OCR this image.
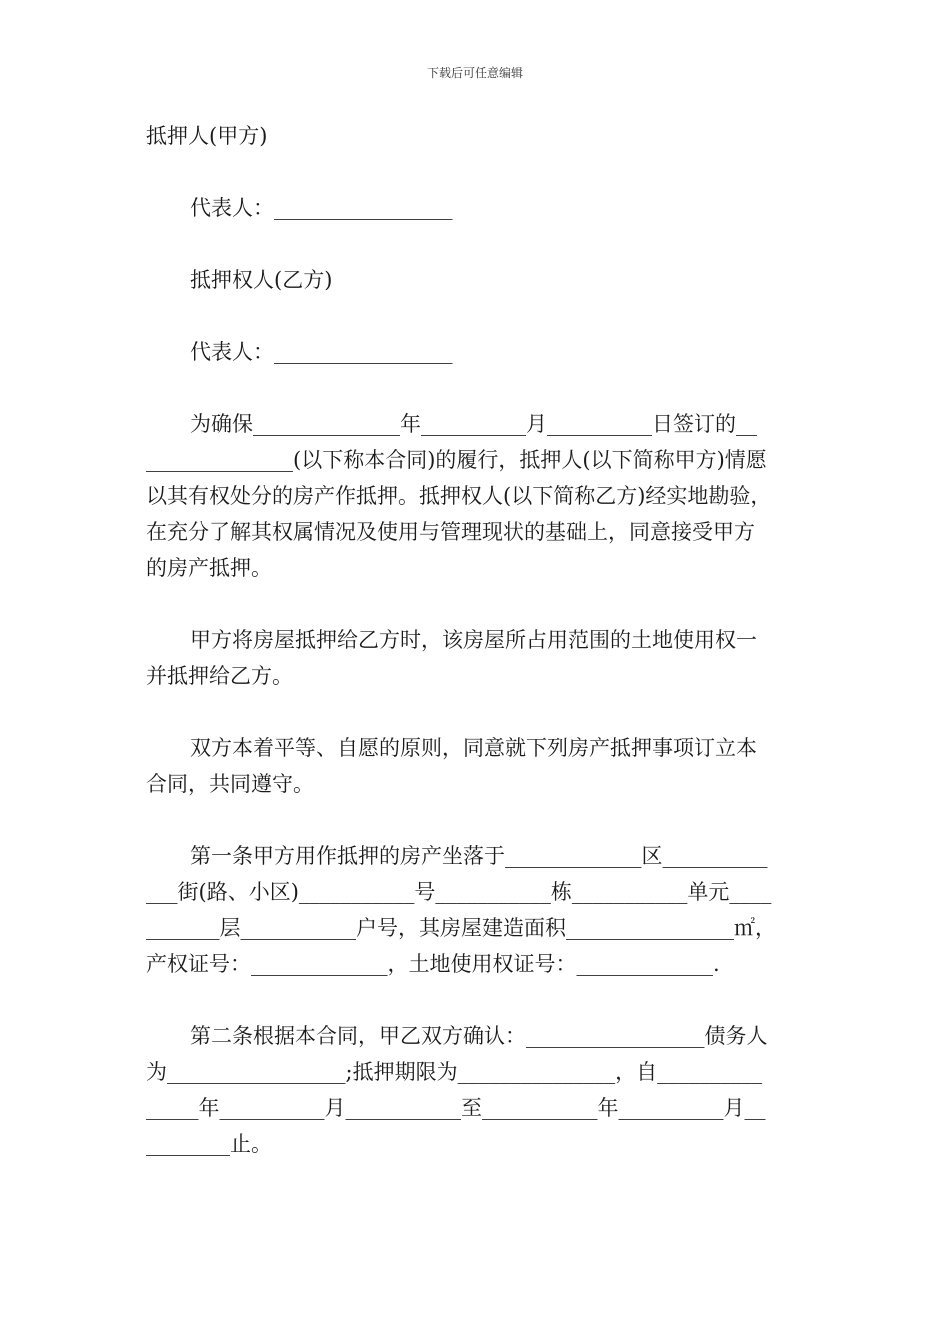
下载后可任意编辑
抵押人(甲方)
代表人：_________________
抵押权人(乙方)
代表人：_________________
为确保______________年__________月__________日签订的__
______________(以下称本合同)的履行，抵押人(以下简称甲方)情愿
以其有权处分的房产作抵押。抵押权人(以下简称乙方)经实地勘验，
在充分了解其权属情况及使用与管理现状的基础上，同意接受甲方
的房产抵押。
甲方将房屋抵押给乙方时，该房屋所占用范围的土地使用权一
并抵押给乙方。
双方本着平等、自愿的原则，同意就下列房产抵押事项订立本
合同，共同遵守。
第一条甲方用作抵押的房产坐落于_____________区__________
___街(路、小区)___________号___________栋___________单元____
_______层___________户号，其房屋建造面积________________㎡，
产权证号：_____________，土地使用权证号：_____________.
第二条根据本合同，甲乙双方确认：_________________债务人
为_________________;抵押期限为_______________，自__________
_____年__________月___________至___________年__________月__
________止。
